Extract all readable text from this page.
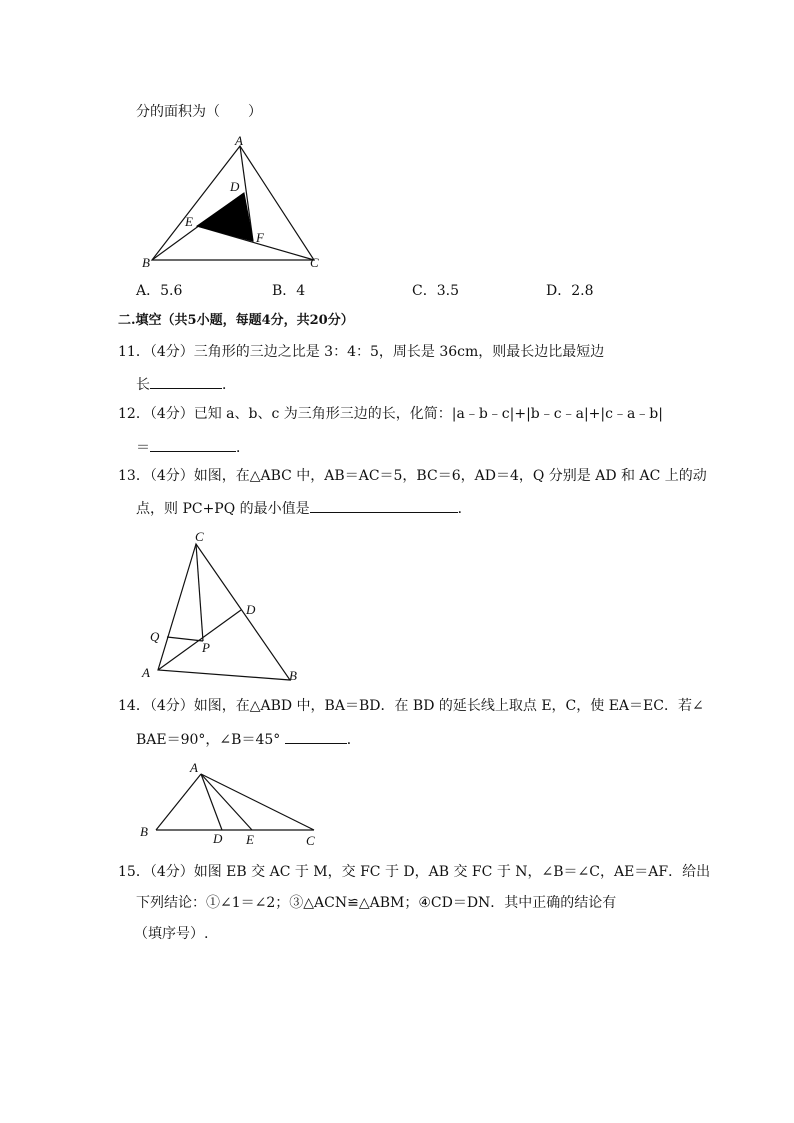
分的面积为（　　）
A
B	C
D
E
F
A．5.6	B．4	C．3.5	D．2.8
二.填空（共5小题，每题4分，共20分）
11．（4分）三角形的三边之比是 3：4：5，周长是 36cm，则最长边比最短边
长	．
12．（4分）已知 a、b、c 为三角形三边的长，化简：|a﹣b﹣c|+|b﹣c﹣a|+|c﹣a﹣b|
＝	．
13．（4分）如图，在△ABC 中，AB＝AC＝5，BC＝6，AD＝4，Q 分别是 AD 和 AC 上的动
点，则 PC+PQ 的最小值是	．
C
D
Q
P
A	B
14．（4分）如图，在△ABD 中，BA＝BD．在 BD 的延长线上取点 E，C，使 EA＝EC．若∠
BAE＝90°，∠B＝45°	．
A
B	D E	C
15．（4分）如图 EB 交 AC 于 M，交 FC 于 D，AB 交 FC 于 N，∠B＝∠C，AE＝AF．给出
下列结论：①∠1＝∠2；③△ACN≌△ABM；④CD＝DN．其中正确的结论有
（填序号）.
